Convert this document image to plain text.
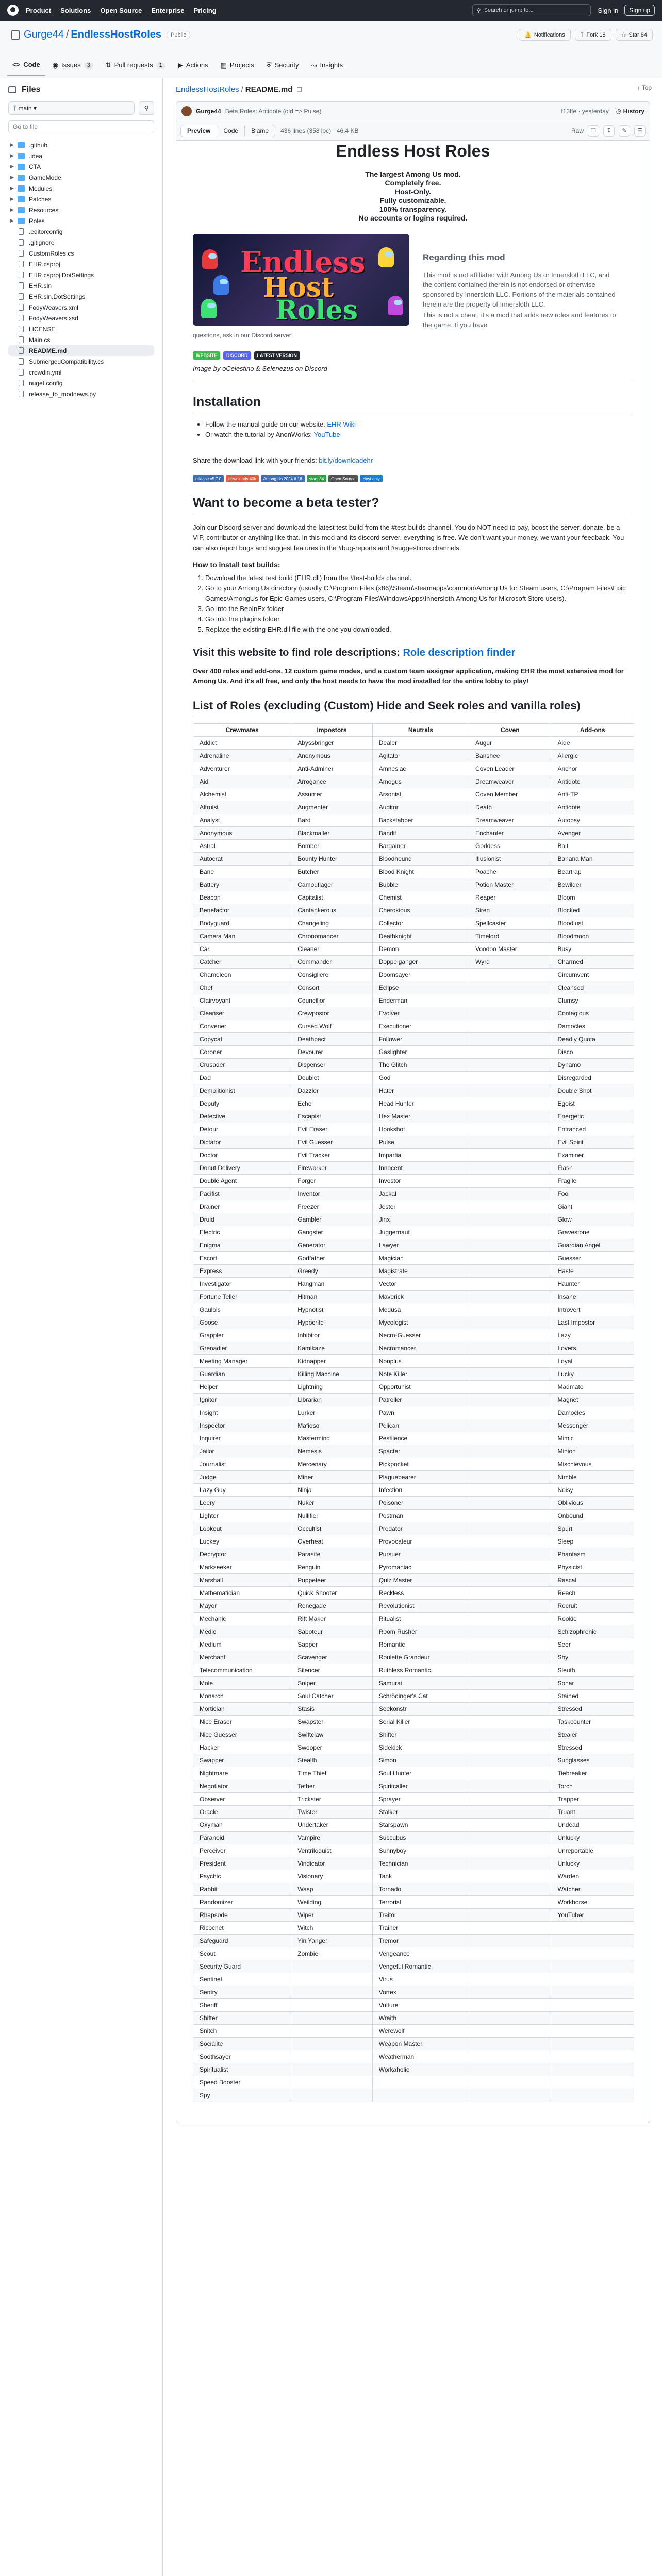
Product Solutions Open Source Enterprise Pricing	⚲ Search or jump to...	Sign in	Sign up
Gurge44 / EndlessHostRoles	Public	🔔 Notifications	ᛉ Fork 18	☆ Star 84
<> Code ◉ Issues	3	⇅ Pull requests	1	▶ Actions ▦ Projects ⛨ Security ↝ Insights
Files
ᛉ main ▾	⚲
Go to file
▶ .github
▶ .idea
▶ CTA
▶ GameMode
▶ Modules
▶ Patches
▶ Resources
▶ Roles
.editorconfig
.gitignore
CustomRoles.cs
EHR.csproj
EHR.csproj.DotSettings
EHR.sln
EHR.sln.DotSettings
FodyWeavers.xml
FodyWeavers.xsd
LICENSE
Main.cs
README.md
SubmergedCompatibility.cs
crowdin.yml
nuget.config
release_to_modnews.py
EndlessHostRoles / README.md ❐	↑ Top
Gurge44 Beta Roles: Antidote (old => Pulse)	f13ffe · yesterday ◷ History
Preview	Code	Blame	436 lines (358 loc) · 46.4 KB	Raw	❐	↧	✎	☰
Endless Host Roles
The largest Among Us mod.
Completely free.
Host-Only.
Fully customizable.
100% transparency.
No accounts or logins required.
Endless
Host
Roles
Regarding this mod

This mod is not affiliated with Among Us or Innersloth LLC, and the content contained therein is not endorsed or otherwise sponsored by Innersloth LLC. Portions of the materials contained herein are the property of Innersloth LLC.

This is not a cheat, it's a mod that adds new roles and features to the game. If you have

questions, ask in our Discord server!
WEBSITE	DISCORD	LATEST VERSION
Image by oCelestino & Selenezus on Discord
Installation
• Follow the manual guide on our website: EHR Wiki
• Or watch the tutorial by AnonWorks: YouTube
Share the download link with your friends: bit.ly/downloadehr
release v5.7.0	downloads 40k	Among Us 2024.6.18	stars 84	Open Source	Host only
Want to become a beta tester?
Join our Discord server and download the latest test build from the #test-builds channel. You do NOT need to pay, boost the server, donate, be a VIP, contributor or anything like that. In this mod and its discord server, everything is free. We don't want your money, we want your feedback. You can also report bugs and suggest features in the #bug-reports and #suggestions channels.
How to install test builds:
1. Download the latest test build (EHR.dll) from the #test-builds channel.
2. Go to your Among Us directory (usually C:\Program Files (x86)\Steam\steamapps\common\Among Us for Steam users, C:\Program Files\Epic Games\AmongUs for Epic Games users, C:\Program Files\WindowsApps\Innersloth.Among Us for Microsoft Store users).
3. Go into the BepInEx folder
4. Go into the plugins folder
5. Replace the existing EHR.dll file with the one you downloaded.
Visit this website to find role descriptions: Role description finder
Over 400 roles and add-ons, 12 custom game modes, and a custom team assigner application, making EHR the most extensive mod for Among Us. And it's all free, and only the host needs to have the mod installed for the entire lobby to play!
List of Roles (excluding (Custom) Hide and Seek roles and vanilla roles)
Crewmates	Impostors	Neutrals	Coven	Add-ons
Addict	Abyssbringer	Dealer	Augur	Aide
Adrenaline	Anonymous	Agitator	Banshee	Allergic
Adventurer	Anti-Adminer	Amnesiac	Coven Leader	Anchor
Aid	Arrogance	Amogus	Dreamweaver	Antidote
Alchemist	Assumer	Arsonist	Coven Member	Anti-TP
Altruist	Augmenter	Auditor	Death	Antidote
Analyst	Bard	Backstabber	Dreamweaver	Autopsy
Anonymous	Blackmailer	Bandit	Enchanter	Avenger
Astral	Bomber	Bargainer	Goddess	Bait
Autocrat	Bounty Hunter	Bloodhound	Illusionist	Banana Man
Bane	Butcher	Blood Knight	Poache	Beartrap
Battery	Camouflager	Bubble	Potion Master	Bewilder
Beacon	Capitalist	Chemist	Reaper	Bloom
Benefactor	Cantankerous	Cherokious	Siren	Blocked
Bodyguard	Changeling	Collector	Spellcaster	Bloodlust
Camera Man	Chronomancer	Deathknight	Timelord	Bloodmoon
Car	Cleaner	Demon	Voodoo Master	Busy
Catcher	Commander	Doppelganger	Wyrd	Charmed
Chameleon	Consigliere	Doomsayer		Circumvent
Chef	Consort	Eclipse		Cleansed
Clairvoyant	Councillor	Enderman		Clumsy
Cleanser	Crewpostor	Evolver		Contagious
Convener	Cursed Wolf	Executioner		Damocles
Copycat	Deathpact	Follower		Deadly Quota
Coroner	Devourer	Gaslighter		Disco
Crusader	Dispenser	The Glitch		Dynamo
Dad	Doublet	God		Disregarded
Demolitionist	Dazzler	Hater		Double Shot
Deputy	Echo	Head Hunter		Egoist
Detective	Escapist	Hex Master		Energetic
Detour	Evil Eraser	Hookshot		Entranced
Dictator	Evil Guesser	Pulse		Evil Spirit
Doctor	Evil Tracker	Impartial		Examiner
Donut Delivery	Fireworker	Innocent		Flash
Doublé Agent	Forger	Investor		Fragile
Pacifist	Inventor	Jackal		Fool
Drainer	Freezer	Jester		Giant
Druid	Gambler	Jinx		Glow
Electric	Gangster	Juggernaut		Gravestone
Enigma	Generator	Lawyer		Guardian Angel
Escort	Godfather	Magician		Guesser
Express	Greedy	Magistrate		Haste
Investigator	Hangman	Vector		Haunter
Fortune Teller	Hitman	Maverick		Insane
Gaulois	Hypnotist	Medusa		Introvert
Goose	Hypocrite	Mycologist		Last Impostor
Grappler	Inhibitor	Necro-Guesser		Lazy
Grenadier	Kamikaze	Necromancer		Lovers
Meeting Manager	Kidnapper	Nonplus		Loyal
Guardian	Killing Machine	Note Killer		Lucky
Helper	Lightning	Opportunist		Madmate
Ignitor	Librarian	Patroller		Magnet
Insight	Lurker	Pawn		Damoclés
Inspector	Mafioso	Pelican		Messenger
Inquirer	Mastermind	Pestilence		Mimic
Jailor	Nemesis	Spacter		Minion
Journalist	Mercenary	Pickpocket		Mischievous
Judge	Miner	Plaguebearer		Nimble
Lazy Guy	Ninja	Infection		Noisy
Leery	Nuker	Poisoner		Oblivious
Lighter	Nullifier	Postman		Onbound
Lookout	Occultist	Predator		Spurt
Luckey	Overheat	Provocateur		Sleep
Decryptor	Parasite	Pursuer		Phantasm
Markseeker	Penguin	Pyromaniac		Physicist
Marshall	Puppeteer	Quiz Master		Rascal
Mathematician	Quick Shooter	Reckless		Reach
Mayor	Renegade	Revolutionist		Recruit
Mechanic	Rift Maker	Ritualist		Rookie
Medic	Saboteur	Room Rusher		Schizophrenic
Medium	Sapper	Romantic		Seer
Merchant	Scavenger	Roulette Grandeur		Shy
Telecommunication	Silencer	Ruthless Romantic		Sleuth
Mole	Sniper	Samurai		Sonar
Monarch	Soul Catcher	Schrödinger's Cat		Stained
Mortician	Stasis	Seekonstr		Stressed
Nice Eraser	Swapster	Serial Killer		Taskcounter
Nice Guesser	Swiftclaw	Shifter		Stealer
Hacker	Swooper	Sidekick		Stressed
Swapper	Stealth	Simon		Sunglasses
Nightmare	Time Thief	Soul Hunter		Tiebreaker
Negotiator	Tether	Spiritcaller		Torch
Observer	Trickster	Sprayer		Trapper
Oracle	Twister	Stalker		Truant
Oxyman	Undertaker	Starspawn		Undead
Paranoid	Vampire	Succubus		Unlucky
Perceiver	Ventriloquist	Sunnyboy		Unreportable
President	Vindicator	Technician		Unlucky
Psychic	Visionary	Tank		Warden
Rabbit	Wasp	Tornado		Watcher
Randomizer	Weilding	Terrorist		Workhorse
Rhapsode	Wiper	Traitor		YouTuber
Ricochet	Witch	Trainer		
Safeguard	Yin Yanger	Tremor		
Scout	Zombie	Vengeance		
Security Guard		Vengeful Romantic		
Sentinel		Virus		
Sentry		Vortex		
Sheriff		Vulture		
Shifter		Wraith		
Snitch		Werewolf		
Socialite		Weapon Master		
Soothsayer		Weatherman		
Spiritualist		Workaholic		
Speed Booster				
Spy				
